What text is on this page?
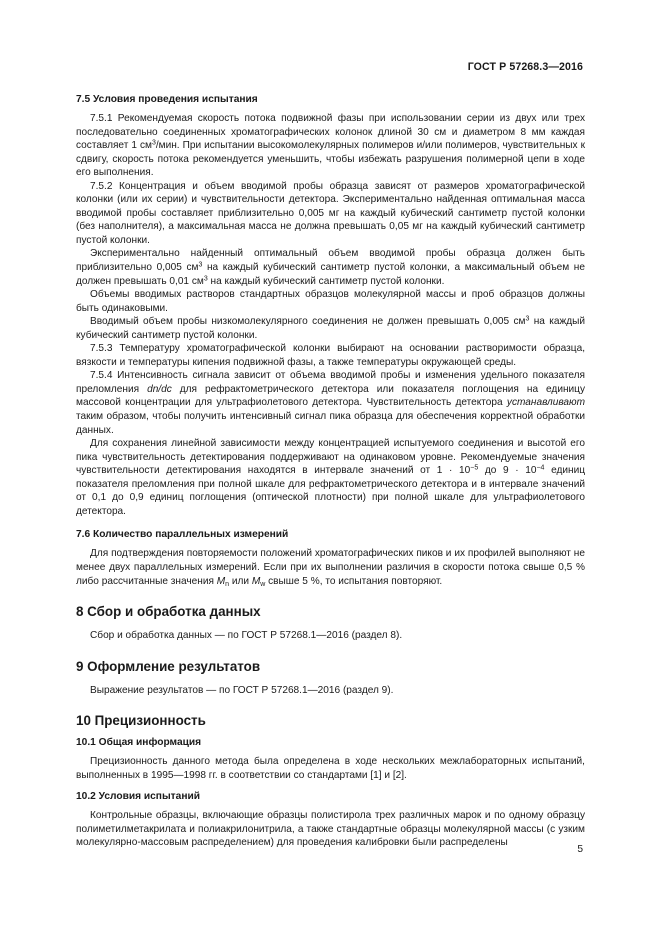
ГОСТ Р 57268.3—2016
7.5 Условия проведения испытания

7.5.1 Рекомендуемая скорость потока подвижной фазы при использовании серии из двух или трех последовательно соединенных хроматографических колонок длиной 30 см и диаметром 8 мм каждая составляет 1 $см^3$/мин. При испытании высокомолекулярных полимеров и/или полимеров, чувствительных к сдвигу, скорость потока рекомендуется уменьшить, чтобы избежать разрушения полимерной цепи в ходе его выполнения.

7.5.2 Концентрация и объем вводимой пробы образца зависят от размеров хроматографической колонки (или их серии) и чувствительности детектора. Экспериментально найденная оптимальная масса вводимой пробы составляет приблизительно 0,005 мг на каждый кубический сантиметр пустой колонки (без наполнителя), а максимальная масса не должна превышать 0,05 мг на каждый кубический сантиметр пустой колонки.

Экспериментально найденный оптимальный объем вводимой пробы образца должен быть приблизительно 0,005 $см^3$ на каждый кубический сантиметр пустой колонки, а максимальный объем не должен превышать 0,01 $см^3$ на каждый кубический сантиметр пустой колонки.

Объемы вводимых растворов стандартных образцов молекулярной массы и проб образцов должны быть одинаковыми.

Вводимый объем пробы низкомолекулярного соединения не должен превышать 0,005 $см^3$ на каждый кубический сантиметр пустой колонки.

7.5.3 Температуру хроматографической колонки выбирают на основании растворимости образца, вязкости и температуры кипения подвижной фазы, а также температуры окружающей среды.

7.5.4 Интенсивность сигнала зависит от объема вводимой пробы и изменения удельного показателя преломления dn/dc для рефрактометрического детектора или показателя поглощения на единицу массовой концентрации для ультрафиолетового детектора. Чувствительность детектора устанавливают таким образом, чтобы получить интенсивный сигнал пика образца для обеспечения корректной обработки данных.

Для сохранения линейной зависимости между концентрацией испытуемого соединения и высотой его пика чувствительность детектирования поддерживают на одинаковом уровне. Рекомендуемые значения чувствительности детектирования находятся в интервале значений от $1 \cdot 10^{-5}$ до $9 \cdot 10^{-4}$ единиц показателя преломления при полной шкале для рефрактометрического детектора и в интервале значений от 0,1 до 0,9 единиц поглощения (оптической плотности) при полной шкале для ультрафиолетового детектора.

7.6 Количество параллельных измерений

Для подтверждения повторяемости положений хроматографических пиков и их профилей выполняют не менее двух параллельных измерений. Если при их выполнении различия в скорости потока свыше 0,5 % либо рассчитанные значения $M_n$ или $M_w$ свыше 5 %, то испытания повторяют.

8 Сбор и обработка данных

Сбор и обработка данных — по ГОСТ Р 57268.1—2016 (раздел 8).

9 Оформление результатов

Выражение результатов — по ГОСТ Р 57268.1—2016 (раздел 9).

10 Прецизионность
10.1 Общая информация

Прецизионность данного метода была определена в ходе нескольких межлабораторных испытаний, выполненных в 1995—1998 гг. в соответствии со стандартами [1] и [2].

10.2 Условия испытаний

Контрольные образцы, включающие образцы полистирола трех различных марок и по одному образцу полиметилметакрилата и полиакрилонитрила, а также стандартные образцы молекулярной массы (с узким молекулярно-массовым распределением) для проведения калибровки были распределены

5
